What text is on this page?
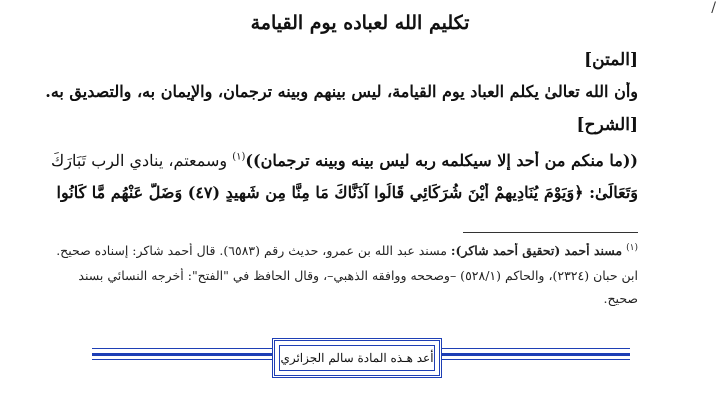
/
تكليم الله لعباده يوم القيامة
[المتن]
وأن الله تعالىٰ يكلم العباد يوم القيامة، ليس بينهم وبينه ترجمان، والإيمان به، والتصديق به.
[الشرح]
((ما منكم من أحد إلا سيكلمه ربه ليس بينه وبينه ترجمان))$^{(١)}$ وسمعتم، ينادي الرب تَبَارَكَ
وَتَعَالَىٰ: ﴿وَيَوْمَ يُنَادِيهِمْ أَيْنَ شُرَكَائِي قَالُوا آذَنَّاكَ مَا مِنَّا مِن شَهِيدٍ (٤٧) وَضَلَّ عَنْهُم مَّا كَانُوا
$^{(١)}$ مسند أحمد (تحقيق أحمد شاكر): مسند عبد الله بن عمرو، حديث رقم (٦٥٨٣). قال أحمد شاكر: إسناده صحيح.
ابن حبان (٢٣٢٤)، والحاكم (٥٢٨/١) –وصححه ووافقه الذهبي–، وقال الحافظ في "الفتح": أخرجه النسائي بسند
صحيح.
أعد هـذه المادة سالم الجزائري
